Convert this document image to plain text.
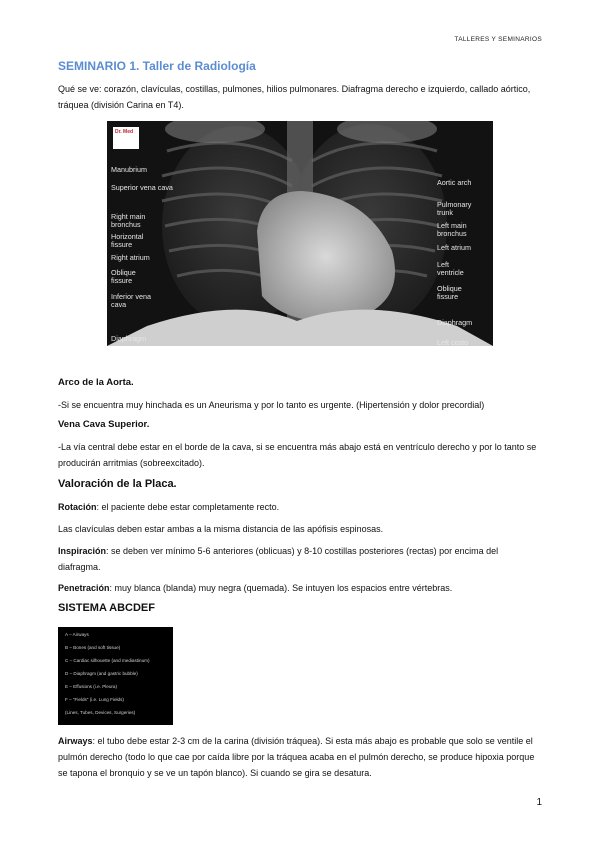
TALLERES Y SEMINARIOS
SEMINARIO 1. Taller de Radiología
Qué se ve: corazón, clavículas, costillas, pulmones, hilios pulmonares. Diafragma derecho e izquierdo, callado aórtico, tráquea (división Carina en T4).
Dr. Med
Manubrium
Superior vena cava
Right main bronchus
Horizontal fissure
Right atrium
Oblique fissure
Inferior vena cava
Diaphragm
Aortic arch
Pulmonary trunk
Left main bronchus
Left atrium
Left ventricle
Oblique fissure
Diaphragm
Left costo
Arco de la Aorta.
-Si se encuentra muy hinchada es un Aneurisma y por lo tanto es urgente. (Hipertensión y dolor precordial)
Vena Cava Superior.
-La vía central debe estar en el borde de la cava, si se encuentra más abajo está en ventrículo derecho y por lo tanto se producirán arritmias (sobreexcitado).
Valoración de la Placa.
Rotación: el paciente debe estar completamente recto.
Las clavículas deben estar ambas a la misma distancia de las apófisis espinosas.
Inspiración: se deben ver mínimo 5-6 anteriores (oblicuas) y 8-10 costillas posteriores (rectas) por encima del diafragma.
Penetración: muy blanca (blanda) muy negra (quemada). Se intuyen los espacios entre vértebras.
SISTEMA ABCDEF
A – Airways
B – Bones (and soft tissue)
C – Cardiac silhouette (and mediastinum)
D – Diaphragm (and gastric bubble)
E – Effusions (i.e. Pleura)
F – "Fields" (i.e. Lung Fields)
(Lines, Tubes, Devices, Surgeries)
Airways: el tubo debe estar 2-3 cm de la carina (división tráquea). Si esta más abajo es probable que solo se ventile el pulmón derecho (todo lo que cae por caída libre por la tráquea acaba en el pulmón derecho, se produce hipoxia porque se tapona el bronquio y se ve un tapón blanco). Si cuando se gira se desatura.
1
